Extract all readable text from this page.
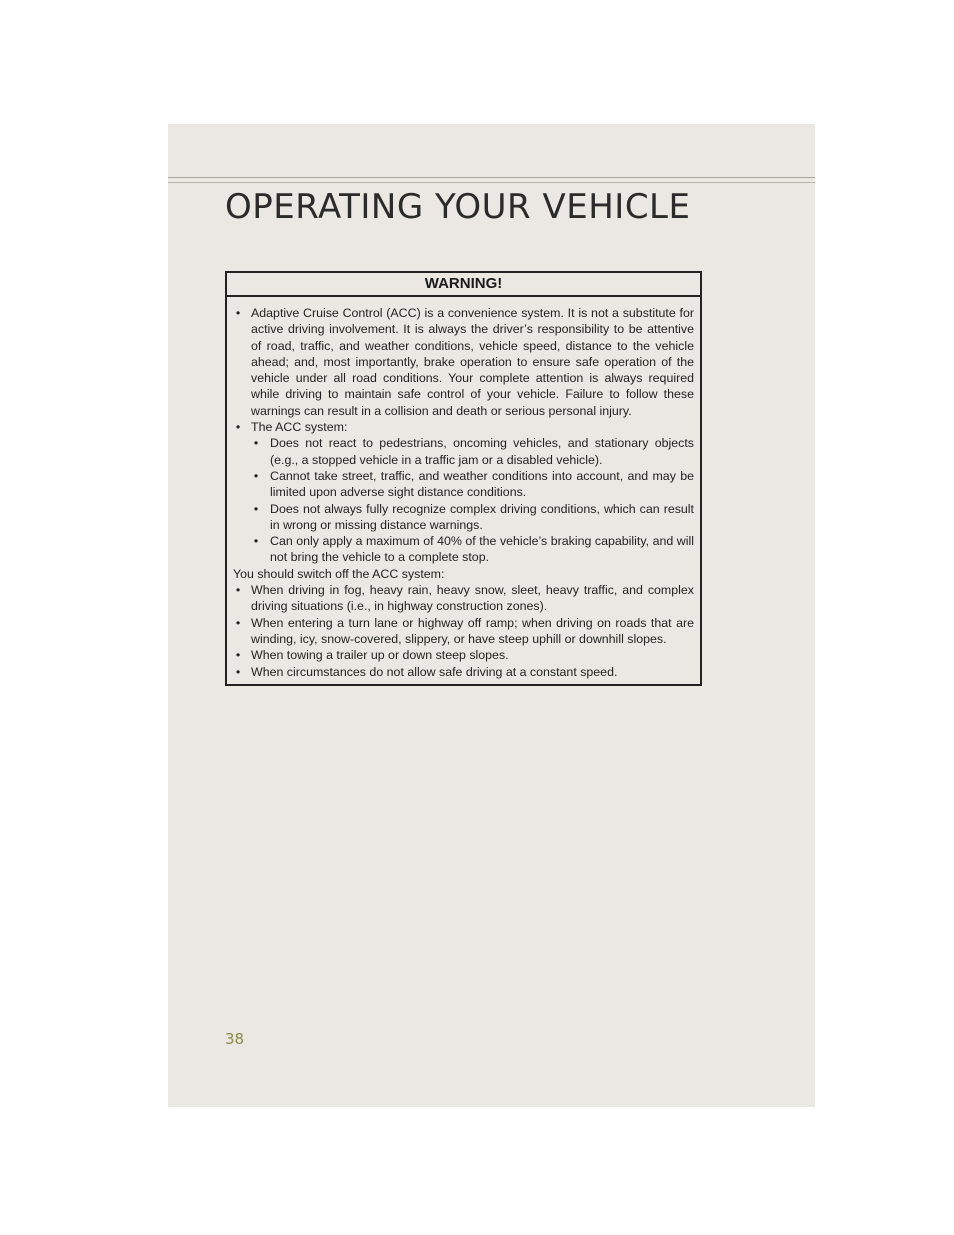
OPERATING YOUR VEHICLE
WARNING!
• Adaptive Cruise Control (ACC) is a convenience system. It is not a substitute for active driving involvement. It is always the driver’s responsibility to be attentive of road, traffic, and weather conditions, vehicle speed, distance to the vehicle ahead; and, most importantly, brake operation to ensure safe operation of the vehicle under all road conditions. Your complete attention is always required while driving to maintain safe control of your vehicle. Failure to follow these warnings can result in a collision and death or serious personal injury.
• The ACC system:
• Does not react to pedestrians, oncoming vehicles, and stationary objects (e.g., a stopped vehicle in a traffic jam or a disabled vehicle).
• Cannot take street, traffic, and weather conditions into account, and may be limited upon adverse sight distance conditions.
• Does not always fully recognize complex driving conditions, which can result in wrong or missing distance warnings.
• Can only apply a maximum of 40% of the vehicle’s braking capability, and will not bring the vehicle to a complete stop.

You should switch off the ACC system:

• When driving in fog, heavy rain, heavy snow, sleet, heavy traffic, and complex driving situations (i.e., in highway construction zones).
• When entering a turn lane or highway off ramp; when driving on roads that are winding, icy, snow-covered, slippery, or have steep uphill or downhill slopes.
• When towing a trailer up or down steep slopes.
• When circumstances do not allow safe driving at a constant speed.
38
